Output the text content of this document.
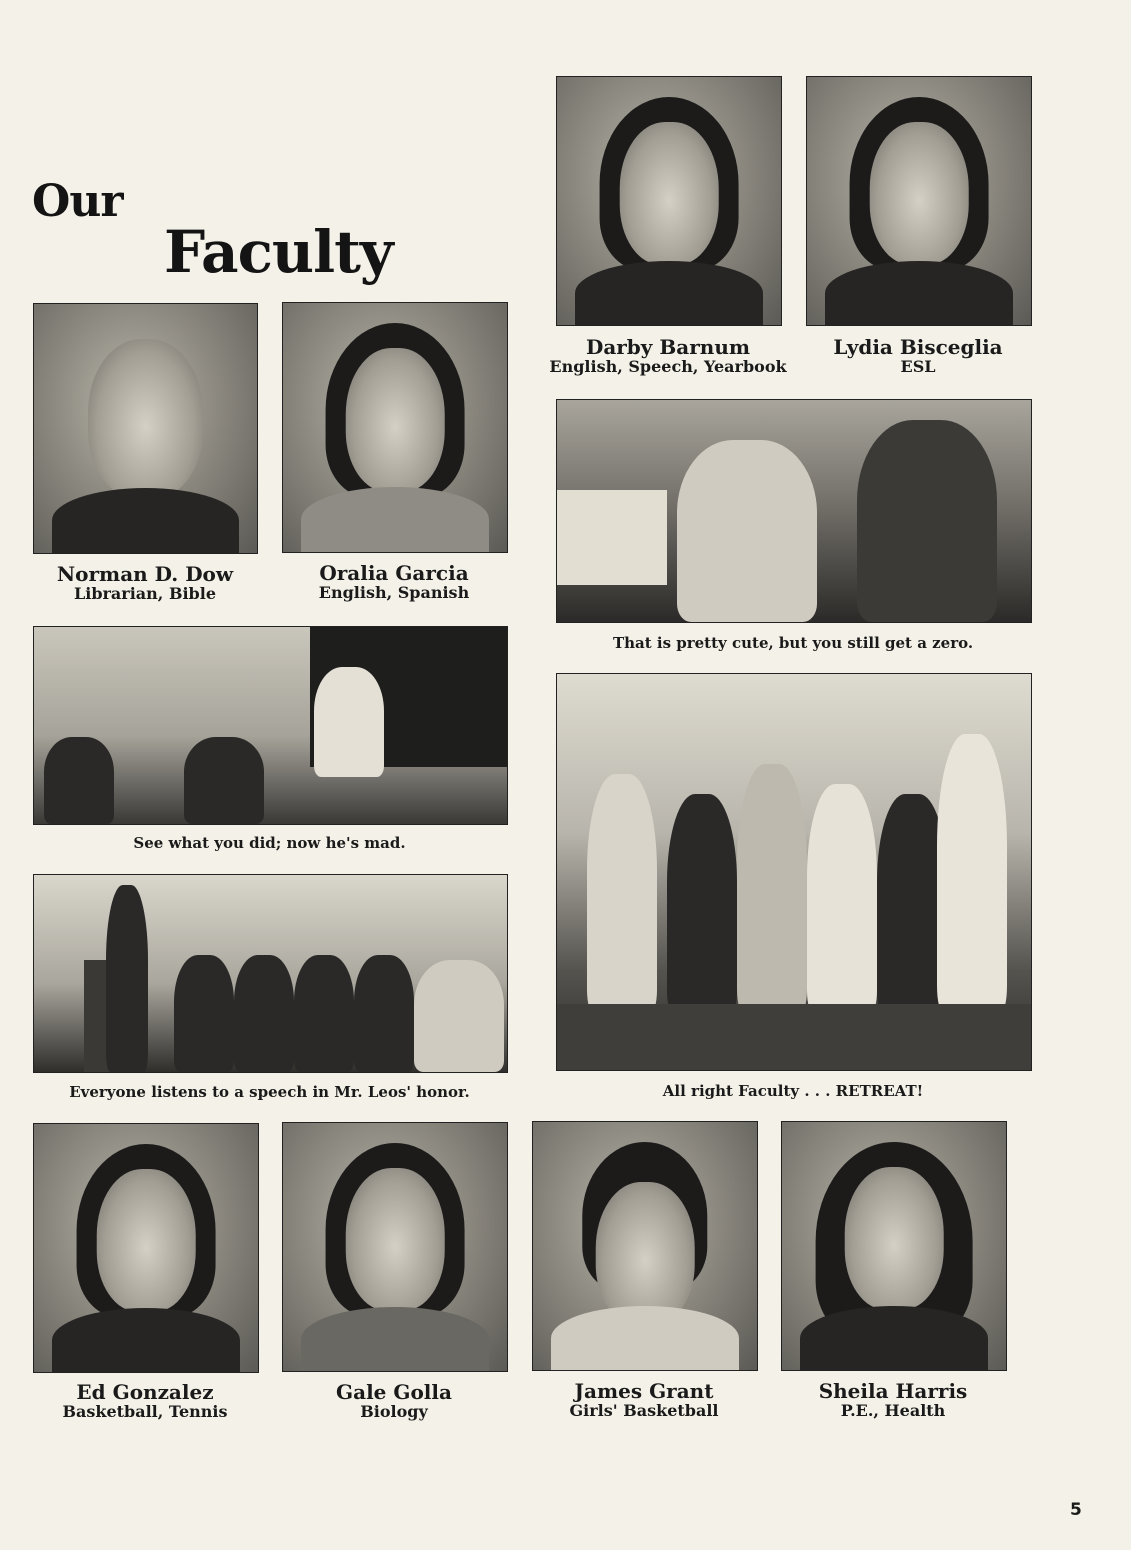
Our
Faculty
Darby Barnum
English, Speech, Yearbook
Lydia Bisceglia
ESL
Norman D. Dow
Librarian, Bible
Oralia Garcia
English, Spanish
That is pretty cute, but you still get a zero.
See what you did; now he's mad.
All right Faculty . . . RETREAT!
Everyone listens to a speech in Mr. Leos' honor.
Ed Gonzalez
Basketball, Tennis
Gale Golla
Biology
James Grant
Girls' Basketball
Sheila Harris
P.E., Health
5
